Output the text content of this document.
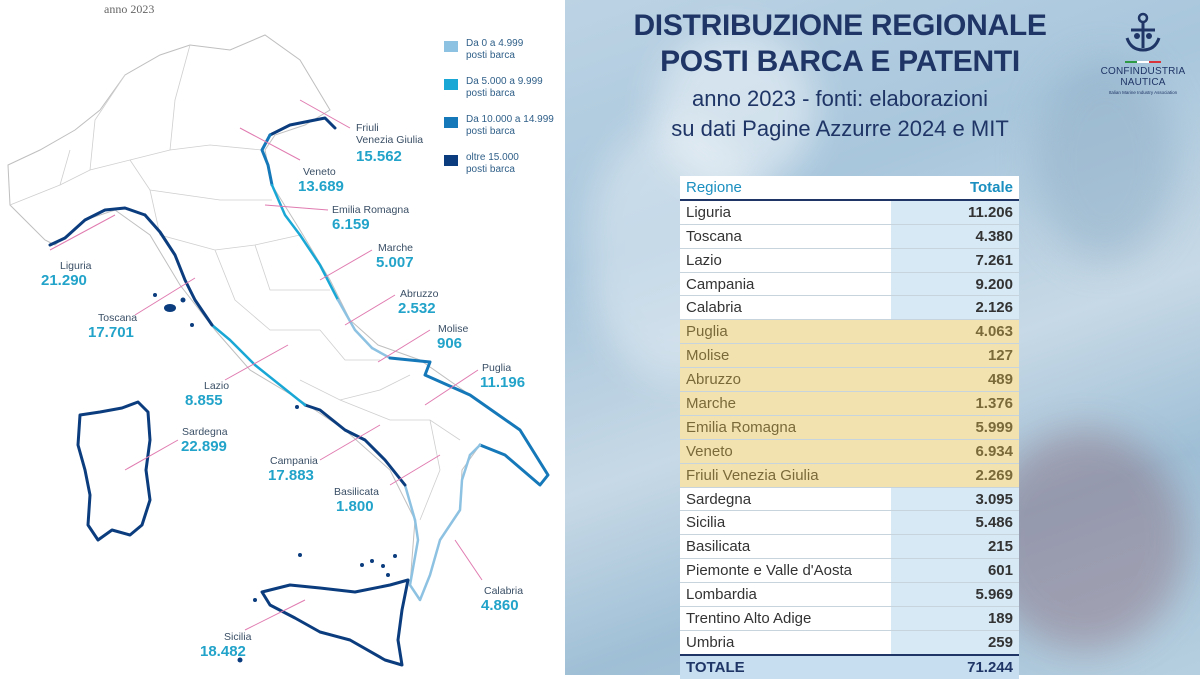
anno 2023
Da 0 a 4.999
posti barca
Da 5.000 a 9.999
posti barca
Da 10.000 a 14.999
posti barca
oltre 15.000
posti barca
Friuli
Venezia Giulia
15.562
Veneto
13.689
Emilia Romagna
6.159
Marche
5.007
Abruzzo
2.532
Molise
906
Puglia
11.196
Liguria
21.290
Toscana
17.701
Lazio
8.855
Sardegna
22.899
Campania
17.883
Basilicata
1.800
Calabria
4.860
Sicilia
18.482
DISTRIBUZIONE REGIONALE
POSTI BARCA E PATENTI
anno 2023 - fonti: elaborazioni
su dati Pagine Azzurre 2024 e MIT
CONFINDUSTRIA
NAUTICA
Italian Marine Industry Association
Regione	Totale
Liguria	11.206
Toscana	4.380
Lazio	7.261
Campania	9.200
Calabria	2.126
Puglia	4.063
Molise	127
Abruzzo	489
Marche	1.376
Emilia Romagna	5.999
Veneto	6.934
Friuli Venezia Giulia	2.269
Sardegna	3.095
Sicilia	5.486
Basilicata	215
Piemonte e Valle d'Aosta	601
Lombardia	5.969
Trentino Alto Adige	189
Umbria	259
TOTALE	71.244
